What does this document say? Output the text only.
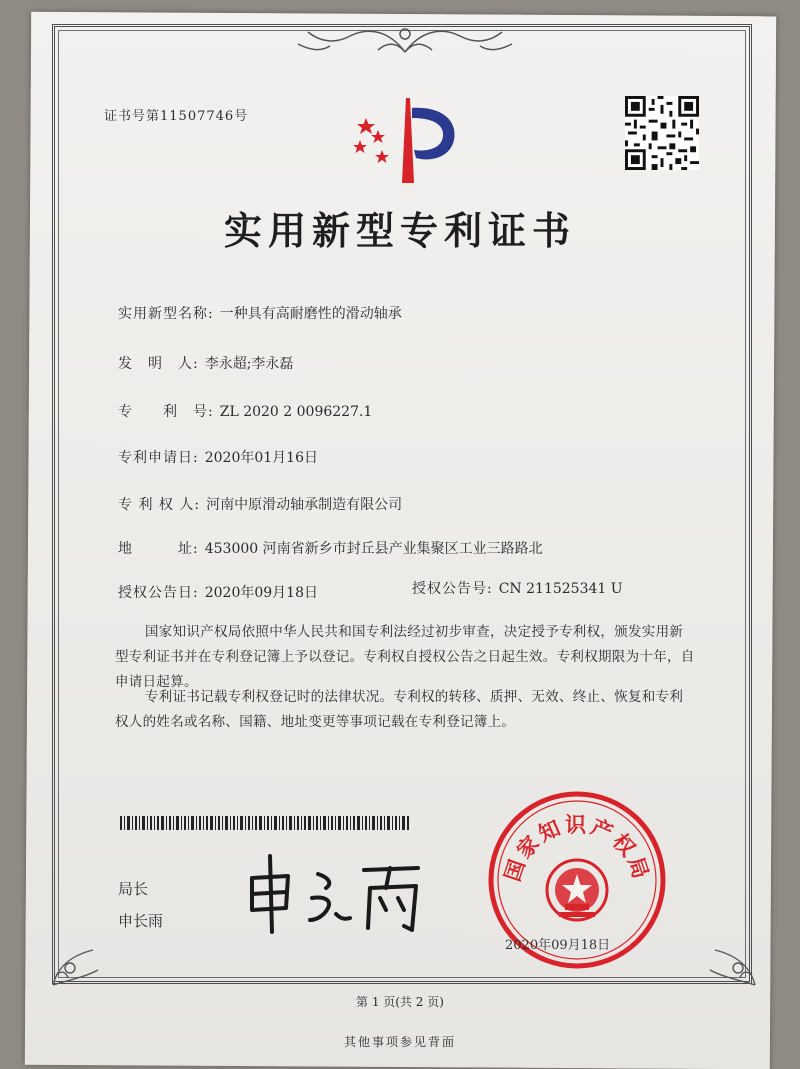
证书号第11507746号
实用新型专利证书
实用新型名称: 一种具有高耐磨性的滑动轴承
发　明　人: 李永超;李永磊
专　　利　号: ZL 2020 2 0096227.1
专利申请日: 2020年01月16日
专 利 权 人: 河南中原滑动轴承制造有限公司
地　　　址: 453000 河南省新乡市封丘县产业集聚区工业三路路北
授权公告日: 2020年09月18日	授权公告号: CN 211525341 U
国家知识产权局依照中华人民共和国专利法经过初步审查，决定授予专利权，颁发实用新型专利证书并在专利登记簿上予以登记。专利权自授权公告之日起生效。专利权期限为十年，自申请日起算。
专利证书记载专利权登记时的法律状况。专利权的转移、质押、无效、终止、恢复和专利权人的姓名或名称、国籍、地址变更等事项记载在专利登记簿上。
局长
申长雨
国家知识产权局
2020年09月18日
第 1 页(共 2 页)
其他事项参见背面
